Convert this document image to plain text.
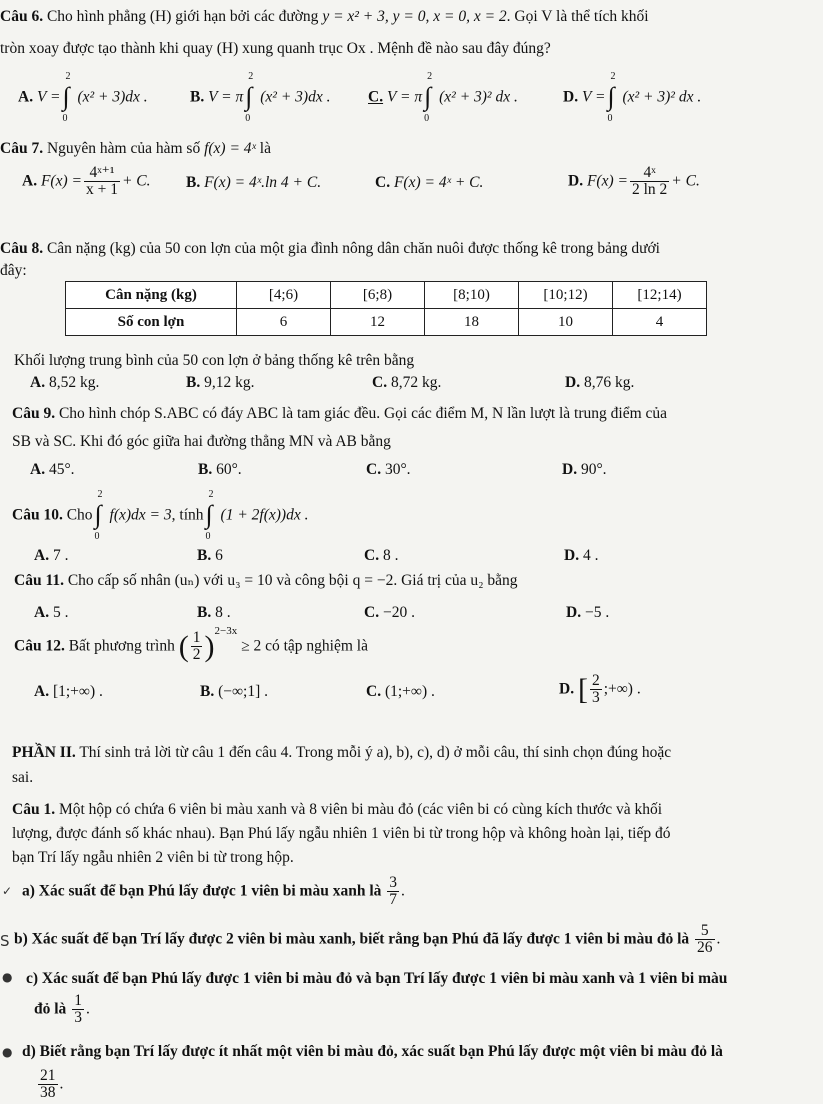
Câu 6. Cho hình phẳng (H) giới hạn bởi các đường y = x² + 3, y = 0, x = 0, x = 2. Gọi V là thể tích khối
tròn xoay được tạo thành khi quay (H) xung quanh trục Ox . Mệnh đề nào sau đây đúng?
A. V = ∫
2
0
(x² + 3)dx .	B. V = π ∫
2
0
(x² + 3)dx . C. V = π ∫
2
0
(x² + 3)² dx .	D. V = ∫
2
0
(x² + 3)² dx .
Câu 7. Nguyên hàm của hàm số f(x) = 4ˣ là
A. $F(x) = \frac{\text{4ˣ⁺¹}}{x + 1} + C$. B. F(x) = 4ˣ.ln 4 + C.	C. F(x) = 4ˣ + C.	D. $F(x) = \frac{\text{4ˣ}}{2 \ln 2} + C$.
Câu 8. Cân nặng (kg) của 50 con lợn của một gia đình nông dân chăn nuôi được thống kê trong bảng dưới
đây:
Cân nặng (kg)	[4;6)	[6;8)	[8;10)	[10;12)	[12;14)
Số con lợn	6	12	18	10	4
Khối lượng trung bình của 50 con lợn ở bảng thống kê trên bằng
A. 8,52 kg.	B. 9,12 kg.	C. 8,72 kg.	D. 8,76 kg.
Câu 9. Cho hình chóp S.ABC có đáy ABC là tam giác đều. Gọi các điểm M, N lần lượt là trung điểm của
SB và SC. Khi đó góc giữa hai đường thẳng MN và AB bằng
A. 45°.	B. 60°.	C. 30°.	D. 90°.
Câu 10. Cho ∫
2
0
f(x)dx = 3, tính ∫
2
0
(1 + 2f(x))dx .
A. 7 .	B. 6	C. 8 .	D. 4 .
Câu 11. Cho cấp số nhân (uₙ) với u₃ = 10 và công bội q = −2. Giá trị của u₂ bằng
A. 5 .	B. 8 .	C. −20 .	D. −5 .
Câu 12. Bất phương trình ( $\frac{1}{2} )^{2-3x} \ge 2$ có tập nghiệm là
A. [1;+∞) .	B. (−∞;1] .	C. (1;+∞) .	D. [ $\frac{2}{3}$ ;+∞) .
PHẦN II. Thí sinh trả lời từ câu 1 đến câu 4. Trong mỗi ý a), b), c), d) ở mỗi câu, thí sinh chọn đúng hoặc
sai.
Câu 1. Một hộp có chứa 6 viên bi màu xanh và 8 viên bi màu đỏ (các viên bi có cùng kích thước và khối
lượng, được đánh số khác nhau). Bạn Phú lấy ngẫu nhiên 1 viên bi từ trong hộp và không hoàn lại, tiếp đó
bạn Trí lấy ngẫu nhiên 2 viên bi từ trong hộp.
✓ a) Xác suất để bạn Phú lấy được 1 viên bi màu xanh là $\frac{3}{7}$ .
S b) Xác suất để bạn Trí lấy được 2 viên bi màu xanh, biết rằng bạn Phú đã lấy được 1 viên bi màu đỏ là $\frac{5}{26}$ .
● c) Xác suất để bạn Phú lấy được 1 viên bi màu đỏ và bạn Trí lấy được 1 viên bi màu xanh và 1 viên bi màu
đỏ là $\frac{1}{3}$ .
● d) Biết rằng bạn Trí lấy được ít nhất một viên bi màu đỏ, xác suất bạn Phú lấy được một viên bi màu đỏ là
$\frac{21}{38}$ .
